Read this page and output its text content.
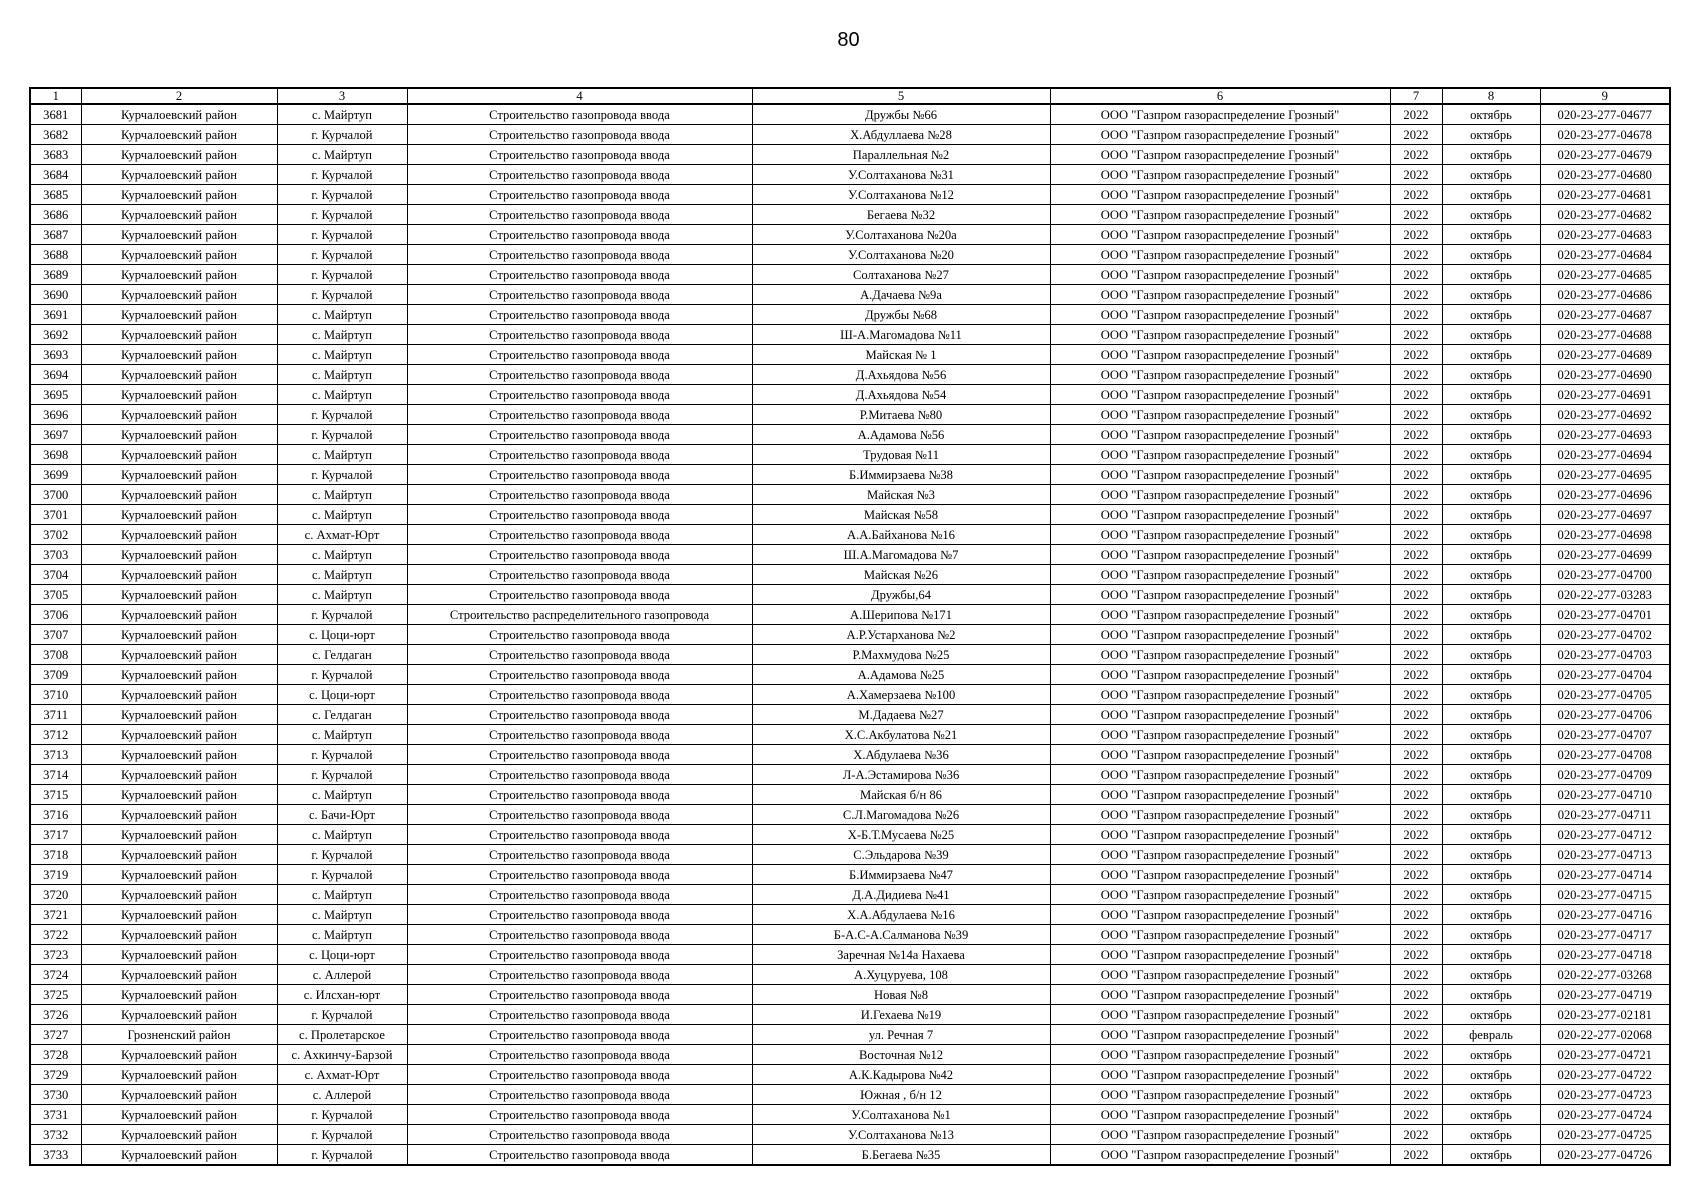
80
1	2	3	4	5	6	7	8	9
3681	Курчалоевский район	с. Майртуп	Строительство газопровода ввода	Дружбы №66	ООО "Газпром газораспределение Грозный"	2022	октябрь	020-23-277-04677
3682	Курчалоевский район	г. Курчалой	Строительство газопровода ввода	Х.Абдуллаева №28	ООО "Газпром газораспределение Грозный"	2022	октябрь	020-23-277-04678
3683	Курчалоевский район	с. Майртуп	Строительство газопровода ввода	Параллельная №2	ООО "Газпром газораспределение Грозный"	2022	октябрь	020-23-277-04679
3684	Курчалоевский район	г. Курчалой	Строительство газопровода ввода	У.Солтаханова №31	ООО "Газпром газораспределение Грозный"	2022	октябрь	020-23-277-04680
3685	Курчалоевский район	г. Курчалой	Строительство газопровода ввода	У.Солтаханова №12	ООО "Газпром газораспределение Грозный"	2022	октябрь	020-23-277-04681
3686	Курчалоевский район	г. Курчалой	Строительство газопровода ввода	Бегаева №32	ООО "Газпром газораспределение Грозный"	2022	октябрь	020-23-277-04682
3687	Курчалоевский район	г. Курчалой	Строительство газопровода ввода	У.Солтаханова №20а	ООО "Газпром газораспределение Грозный"	2022	октябрь	020-23-277-04683
3688	Курчалоевский район	г. Курчалой	Строительство газопровода ввода	У.Солтаханова №20	ООО "Газпром газораспределение Грозный"	2022	октябрь	020-23-277-04684
3689	Курчалоевский район	г. Курчалой	Строительство газопровода ввода	Солтаханова №27	ООО "Газпром газораспределение Грозный"	2022	октябрь	020-23-277-04685
3690	Курчалоевский район	г. Курчалой	Строительство газопровода ввода	А.Дачаева №9а	ООО "Газпром газораспределение Грозный"	2022	октябрь	020-23-277-04686
3691	Курчалоевский район	с. Майртуп	Строительство газопровода ввода	Дружбы №68	ООО "Газпром газораспределение Грозный"	2022	октябрь	020-23-277-04687
3692	Курчалоевский район	с. Майртуп	Строительство газопровода ввода	Ш-А.Магомадова №11	ООО "Газпром газораспределение Грозный"	2022	октябрь	020-23-277-04688
3693	Курчалоевский район	с. Майртуп	Строительство газопровода ввода	Майская № 1	ООО "Газпром газораспределение Грозный"	2022	октябрь	020-23-277-04689
3694	Курчалоевский район	с. Майртуп	Строительство газопровода ввода	Д.Ахьядова №56	ООО "Газпром газораспределение Грозный"	2022	октябрь	020-23-277-04690
3695	Курчалоевский район	с. Майртуп	Строительство газопровода ввода	Д.Ахьядова №54	ООО "Газпром газораспределение Грозный"	2022	октябрь	020-23-277-04691
3696	Курчалоевский район	г. Курчалой	Строительство газопровода ввода	Р.Митаева №80	ООО "Газпром газораспределение Грозный"	2022	октябрь	020-23-277-04692
3697	Курчалоевский район	г. Курчалой	Строительство газопровода ввода	А.Адамова №56	ООО "Газпром газораспределение Грозный"	2022	октябрь	020-23-277-04693
3698	Курчалоевский район	с. Майртуп	Строительство газопровода ввода	Трудовая №11	ООО "Газпром газораспределение Грозный"	2022	октябрь	020-23-277-04694
3699	Курчалоевский район	г. Курчалой	Строительство газопровода ввода	Б.Иммирзаева №38	ООО "Газпром газораспределение Грозный"	2022	октябрь	020-23-277-04695
3700	Курчалоевский район	с. Майртуп	Строительство газопровода ввода	Майская №3	ООО "Газпром газораспределение Грозный"	2022	октябрь	020-23-277-04696
3701	Курчалоевский район	с. Майртуп	Строительство газопровода ввода	Майская №58	ООО "Газпром газораспределение Грозный"	2022	октябрь	020-23-277-04697
3702	Курчалоевский район	с. Ахмат-Юрт	Строительство газопровода ввода	А.А.Байханова №16	ООО "Газпром газораспределение Грозный"	2022	октябрь	020-23-277-04698
3703	Курчалоевский район	с. Майртуп	Строительство газопровода ввода	Ш.А.Магомадова №7	ООО "Газпром газораспределение Грозный"	2022	октябрь	020-23-277-04699
3704	Курчалоевский район	с. Майртуп	Строительство газопровода ввода	Майская №26	ООО "Газпром газораспределение Грозный"	2022	октябрь	020-23-277-04700
3705	Курчалоевский район	с. Майртуп	Строительство газопровода ввода	Дружбы,64	ООО "Газпром газораспределение Грозный"	2022	октябрь	020-22-277-03283
3706	Курчалоевский район	г. Курчалой	Строительство распределительного газопровода	А.Шерипова №171	ООО "Газпром газораспределение Грозный"	2022	октябрь	020-23-277-04701
3707	Курчалоевский район	с. Цоци-юрт	Строительство газопровода ввода	А.Р.Устарханова №2	ООО "Газпром газораспределение Грозный"	2022	октябрь	020-23-277-04702
3708	Курчалоевский район	с. Гелдаган	Строительство газопровода ввода	Р.Махмудова №25	ООО "Газпром газораспределение Грозный"	2022	октябрь	020-23-277-04703
3709	Курчалоевский район	г. Курчалой	Строительство газопровода ввода	А.Адамова №25	ООО "Газпром газораспределение Грозный"	2022	октябрь	020-23-277-04704
3710	Курчалоевский район	с. Цоци-юрт	Строительство газопровода ввода	А.Хамерзаева №100	ООО "Газпром газораспределение Грозный"	2022	октябрь	020-23-277-04705
3711	Курчалоевский район	с. Гелдаган	Строительство газопровода ввода	М.Дадаева №27	ООО "Газпром газораспределение Грозный"	2022	октябрь	020-23-277-04706
3712	Курчалоевский район	с. Майртуп	Строительство газопровода ввода	Х.С.Акбулатова №21	ООО "Газпром газораспределение Грозный"	2022	октябрь	020-23-277-04707
3713	Курчалоевский район	г. Курчалой	Строительство газопровода ввода	Х.Абдулаева №36	ООО "Газпром газораспределение Грозный"	2022	октябрь	020-23-277-04708
3714	Курчалоевский район	г. Курчалой	Строительство газопровода ввода	Л-А.Эстамирова №36	ООО "Газпром газораспределение Грозный"	2022	октябрь	020-23-277-04709
3715	Курчалоевский район	с. Майртуп	Строительство газопровода ввода	Майская б/н 86	ООО "Газпром газораспределение Грозный"	2022	октябрь	020-23-277-04710
3716	Курчалоевский район	с. Бачи-Юрт	Строительство газопровода ввода	С.Л.Магомадова №26	ООО "Газпром газораспределение Грозный"	2022	октябрь	020-23-277-04711
3717	Курчалоевский район	с. Майртуп	Строительство газопровода ввода	Х-Б.Т.Мусаева №25	ООО "Газпром газораспределение Грозный"	2022	октябрь	020-23-277-04712
3718	Курчалоевский район	г. Курчалой	Строительство газопровода ввода	С.Эльдарова №39	ООО "Газпром газораспределение Грозный"	2022	октябрь	020-23-277-04713
3719	Курчалоевский район	г. Курчалой	Строительство газопровода ввода	Б.Иммирзаева №47	ООО "Газпром газораспределение Грозный"	2022	октябрь	020-23-277-04714
3720	Курчалоевский район	с. Майртуп	Строительство газопровода ввода	Д.А.Дидиева №41	ООО "Газпром газораспределение Грозный"	2022	октябрь	020-23-277-04715
3721	Курчалоевский район	с. Майртуп	Строительство газопровода ввода	Х.А.Абдулаева №16	ООО "Газпром газораспределение Грозный"	2022	октябрь	020-23-277-04716
3722	Курчалоевский район	с. Майртуп	Строительство газопровода ввода	Б-А.С-А.Салманова №39	ООО "Газпром газораспределение Грозный"	2022	октябрь	020-23-277-04717
3723	Курчалоевский район	с. Цоци-юрт	Строительство газопровода ввода	Заречная №14а Нахаева	ООО "Газпром газораспределение Грозный"	2022	октябрь	020-23-277-04718
3724	Курчалоевский район	с. Аллерой	Строительство газопровода ввода	А.Хуцуруева, 108	ООО "Газпром газораспределение Грозный"	2022	октябрь	020-22-277-03268
3725	Курчалоевский район	с. Илсхан-юрт	Строительство газопровода ввода	Новая №8	ООО "Газпром газораспределение Грозный"	2022	октябрь	020-23-277-04719
3726	Курчалоевский район	г. Курчалой	Строительство газопровода ввода	И.Гехаева №19	ООО "Газпром газораспределение Грозный"	2022	октябрь	020-23-277-02181
3727	Грозненский район	с. Пролетарское	Строительство газопровода ввода	ул. Речная 7	ООО "Газпром газораспределение Грозный"	2022	февраль	020-22-277-02068
3728	Курчалоевский район	с. Ахкинчу-Барзой	Строительство газопровода ввода	Восточная №12	ООО "Газпром газораспределение Грозный"	2022	октябрь	020-23-277-04721
3729	Курчалоевский район	с. Ахмат-Юрт	Строительство газопровода ввода	А.К.Кадырова №42	ООО "Газпром газораспределение Грозный"	2022	октябрь	020-23-277-04722
3730	Курчалоевский район	с. Аллерой	Строительство газопровода ввода	Южная , б/н 12	ООО "Газпром газораспределение Грозный"	2022	октябрь	020-23-277-04723
3731	Курчалоевский район	г. Курчалой	Строительство газопровода ввода	У.Солтаханова №1	ООО "Газпром газораспределение Грозный"	2022	октябрь	020-23-277-04724
3732	Курчалоевский район	г. Курчалой	Строительство газопровода ввода	У.Солтаханова №13	ООО "Газпром газораспределение Грозный"	2022	октябрь	020-23-277-04725
3733	Курчалоевский район	г. Курчалой	Строительство газопровода ввода	Б.Бегаева №35	ООО "Газпром газораспределение Грозный"	2022	октябрь	020-23-277-04726
